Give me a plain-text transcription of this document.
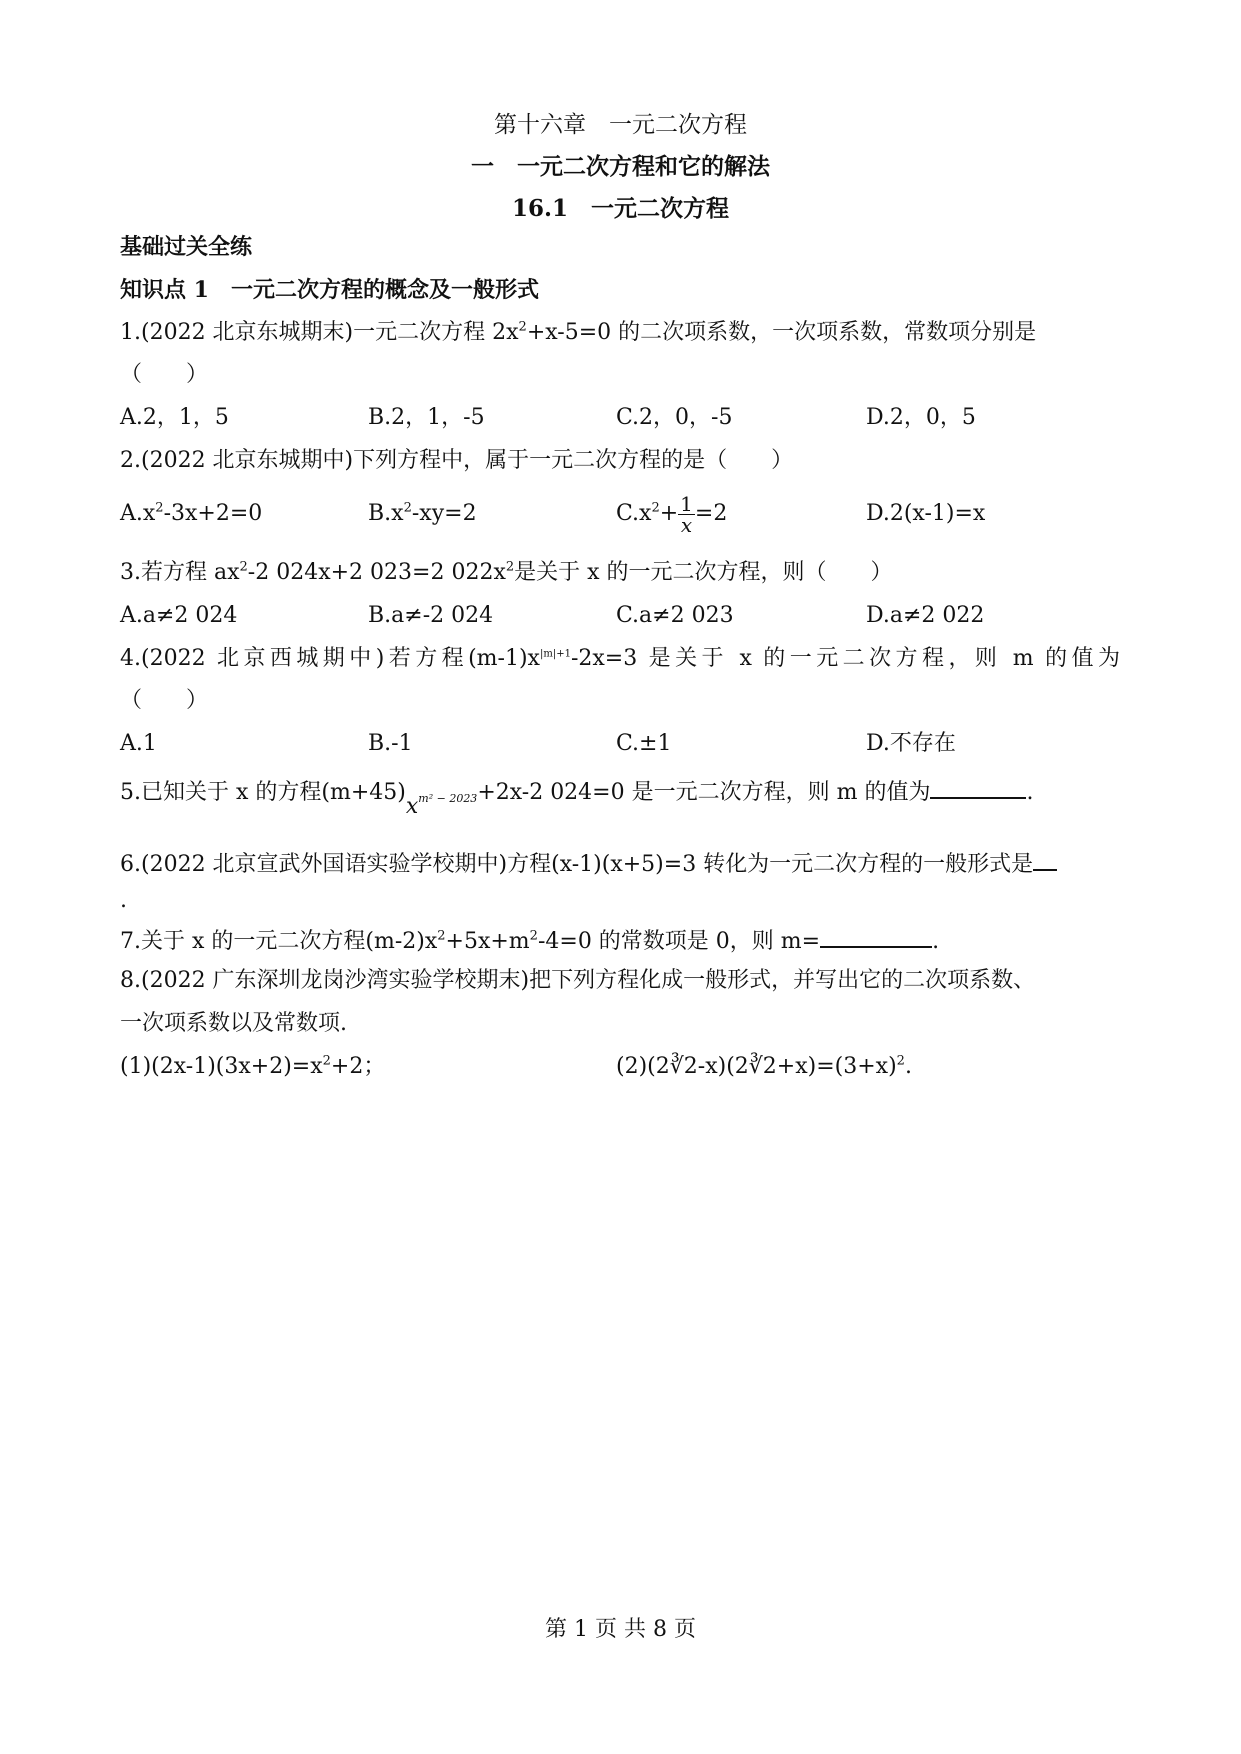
第十六章　一元二次方程
一　一元二次方程和它的解法
16.1　一元二次方程
基础过关全练
知识点 1　一元二次方程的概念及一般形式
1.(2022 北京东城期末)一元二次方程 $2x^2+x-5=0$ 的二次项系数，一次项系数，常数项分别是
（　　）
A.2，1，5	B.2，1，-5	C.2，0，-5	D.2，0，5
2.(2022 北京东城期中)下列方程中，属于一元二次方程的是（　　）
$A.x^2-3x+2=0$	$B.x^2-xy=2$	$C.x^2+ \frac{1}{x} =2$	D.2(x-1)=x
3.若方程 $ax^2-2$ 024x+2 023=2 $022x^2$是关于 x 的一元二次方程，则（　　）
A.a≠2 024	B.a≠-2 024	C.a≠2 023	D.a≠2 022
4.(2022 北京西城期中)若方程$(m-1)x^{|m|+1}-2x=3$ 是关于 x 的一元二次方程，则 m 的值为
（　　）
A.1	B.-1	C.±1	D.不存在
5.已知关于 x 的方程$(m+45)x^{m^2 - 2023}+2x-2$ 024=0 是一元二次方程，则 m 的值为	.
6.(2022 北京宣武外国语实验学校期中)方程(x-1)(x+5)=3 转化为一元二次方程的一般形式是
.
7.关于 x 的一元二次方程$(m-2)x^2+5x+m^2-4=0$ 的常数项是 0，则 m=	.
8.(2022 广东深圳龙岗沙湾实验学校期末)把下列方程化成一般形式，并写出它的二次项系数、
一次项系数以及常数项.
$(1)(2x-1)(3x+2)=x^2+2$；	$(2)(2∛2-x)(2∛2+x)=(3+x)^2$.
第 1 页 共 8 页
